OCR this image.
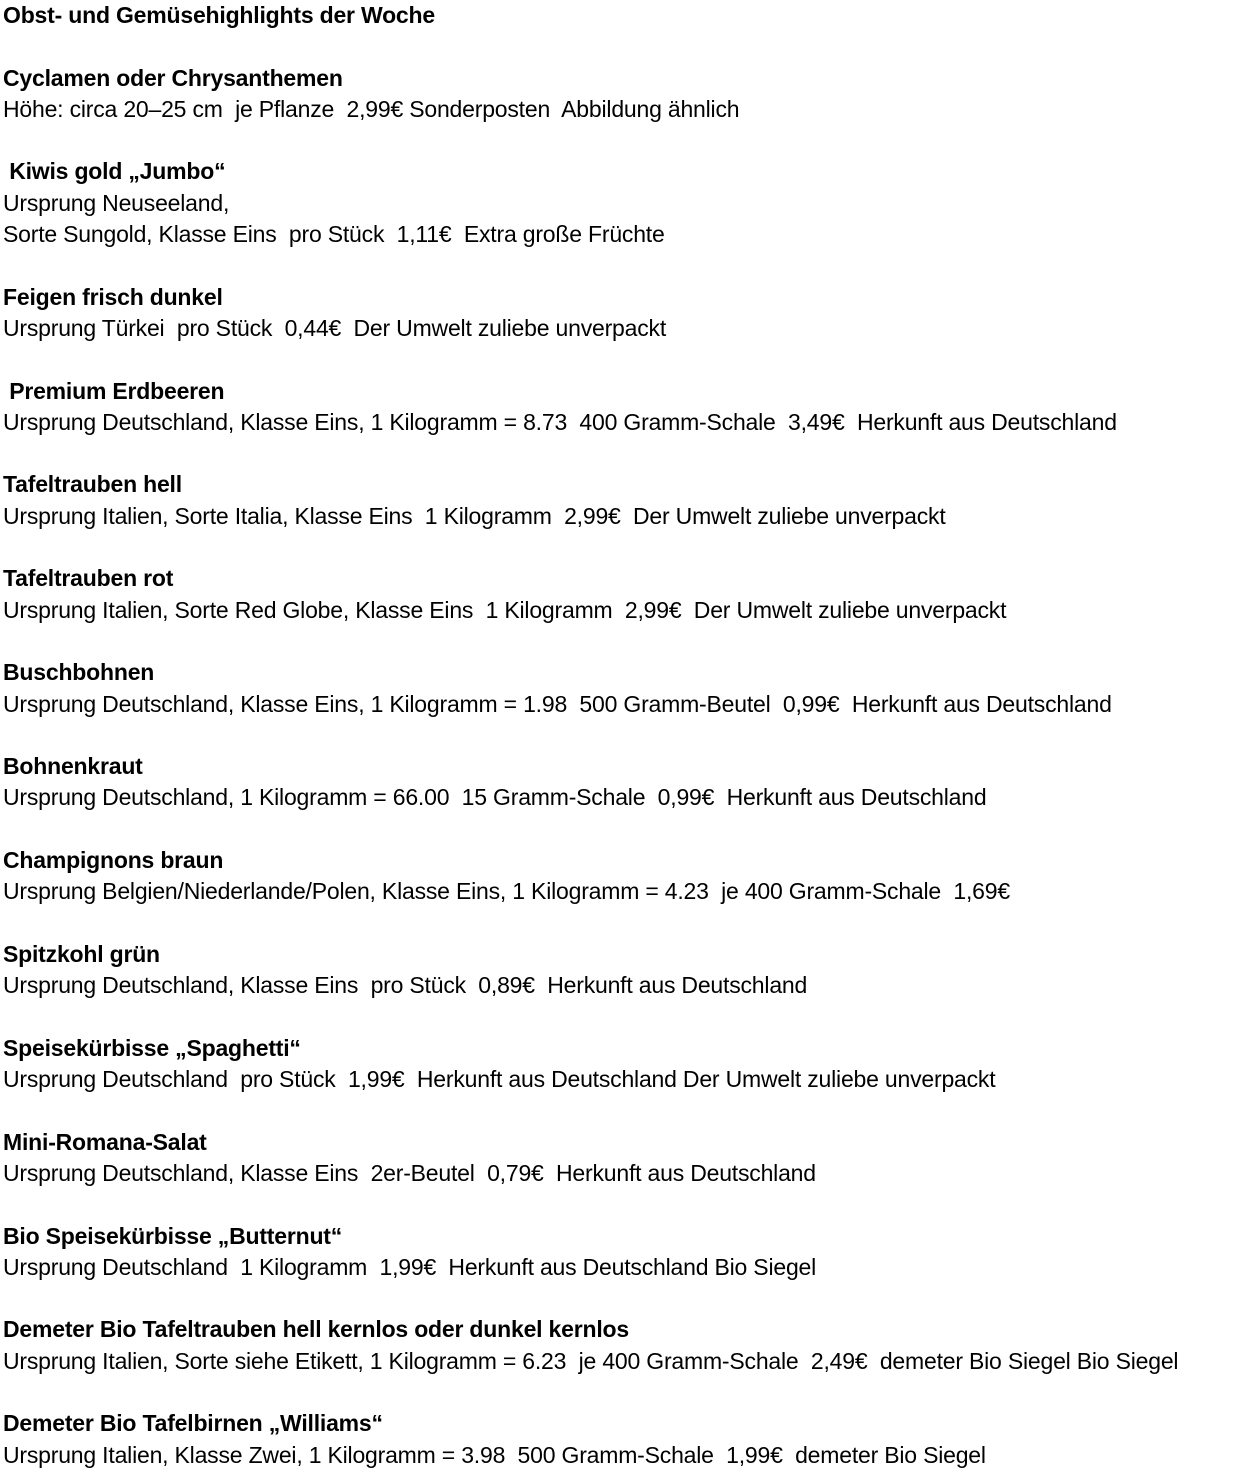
Obst- und Gemüsehighlights der Woche
Cyclamen oder Chrysanthemen
Höhe: circa 20–25 cm  je Pflanze  2,99€ Sonderposten  Abbildung ähnlich
Kiwis gold „Jumbo“
Ursprung Neuseeland,
Sorte Sungold, Klasse Eins  pro Stück  1,11€  Extra große Früchte
Feigen frisch dunkel
Ursprung Türkei  pro Stück  0,44€  Der Umwelt zuliebe unverpackt
Premium Erdbeeren
Ursprung Deutschland, Klasse Eins, 1 Kilogramm = 8.73  400 Gramm-Schale  3,49€  Herkunft aus Deutschland
Tafeltrauben hell
Ursprung Italien, Sorte Italia, Klasse Eins  1 Kilogramm  2,99€  Der Umwelt zuliebe unverpackt
Tafeltrauben rot
Ursprung Italien, Sorte Red Globe, Klasse Eins  1 Kilogramm  2,99€  Der Umwelt zuliebe unverpackt
Buschbohnen
Ursprung Deutschland, Klasse Eins, 1 Kilogramm = 1.98  500 Gramm-Beutel  0,99€  Herkunft aus Deutschland
Bohnenkraut
Ursprung Deutschland, 1 Kilogramm = 66.00  15 Gramm-Schale  0,99€  Herkunft aus Deutschland
Champignons braun
Ursprung Belgien/Niederlande/Polen, Klasse Eins, 1 Kilogramm = 4.23  je 400 Gramm-Schale  1,69€
Spitzkohl grün
Ursprung Deutschland, Klasse Eins  pro Stück  0,89€  Herkunft aus Deutschland
Speisekürbisse „Spaghetti“
Ursprung Deutschland  pro Stück  1,99€  Herkunft aus Deutschland Der Umwelt zuliebe unverpackt
Mini-Romana-Salat
Ursprung Deutschland, Klasse Eins  2er-Beutel  0,79€  Herkunft aus Deutschland
Bio Speisekürbisse „Butternut“
Ursprung Deutschland  1 Kilogramm  1,99€  Herkunft aus Deutschland Bio Siegel
Demeter Bio Tafeltrauben hell kernlos oder dunkel kernlos
Ursprung Italien, Sorte siehe Etikett, 1 Kilogramm = 6.23  je 400 Gramm-Schale  2,49€  demeter Bio Siegel Bio Siegel
Demeter Bio Tafelbirnen „Williams“
Ursprung Italien, Klasse Zwei, 1 Kilogramm = 3.98  500 Gramm-Schale  1,99€  demeter Bio Siegel
